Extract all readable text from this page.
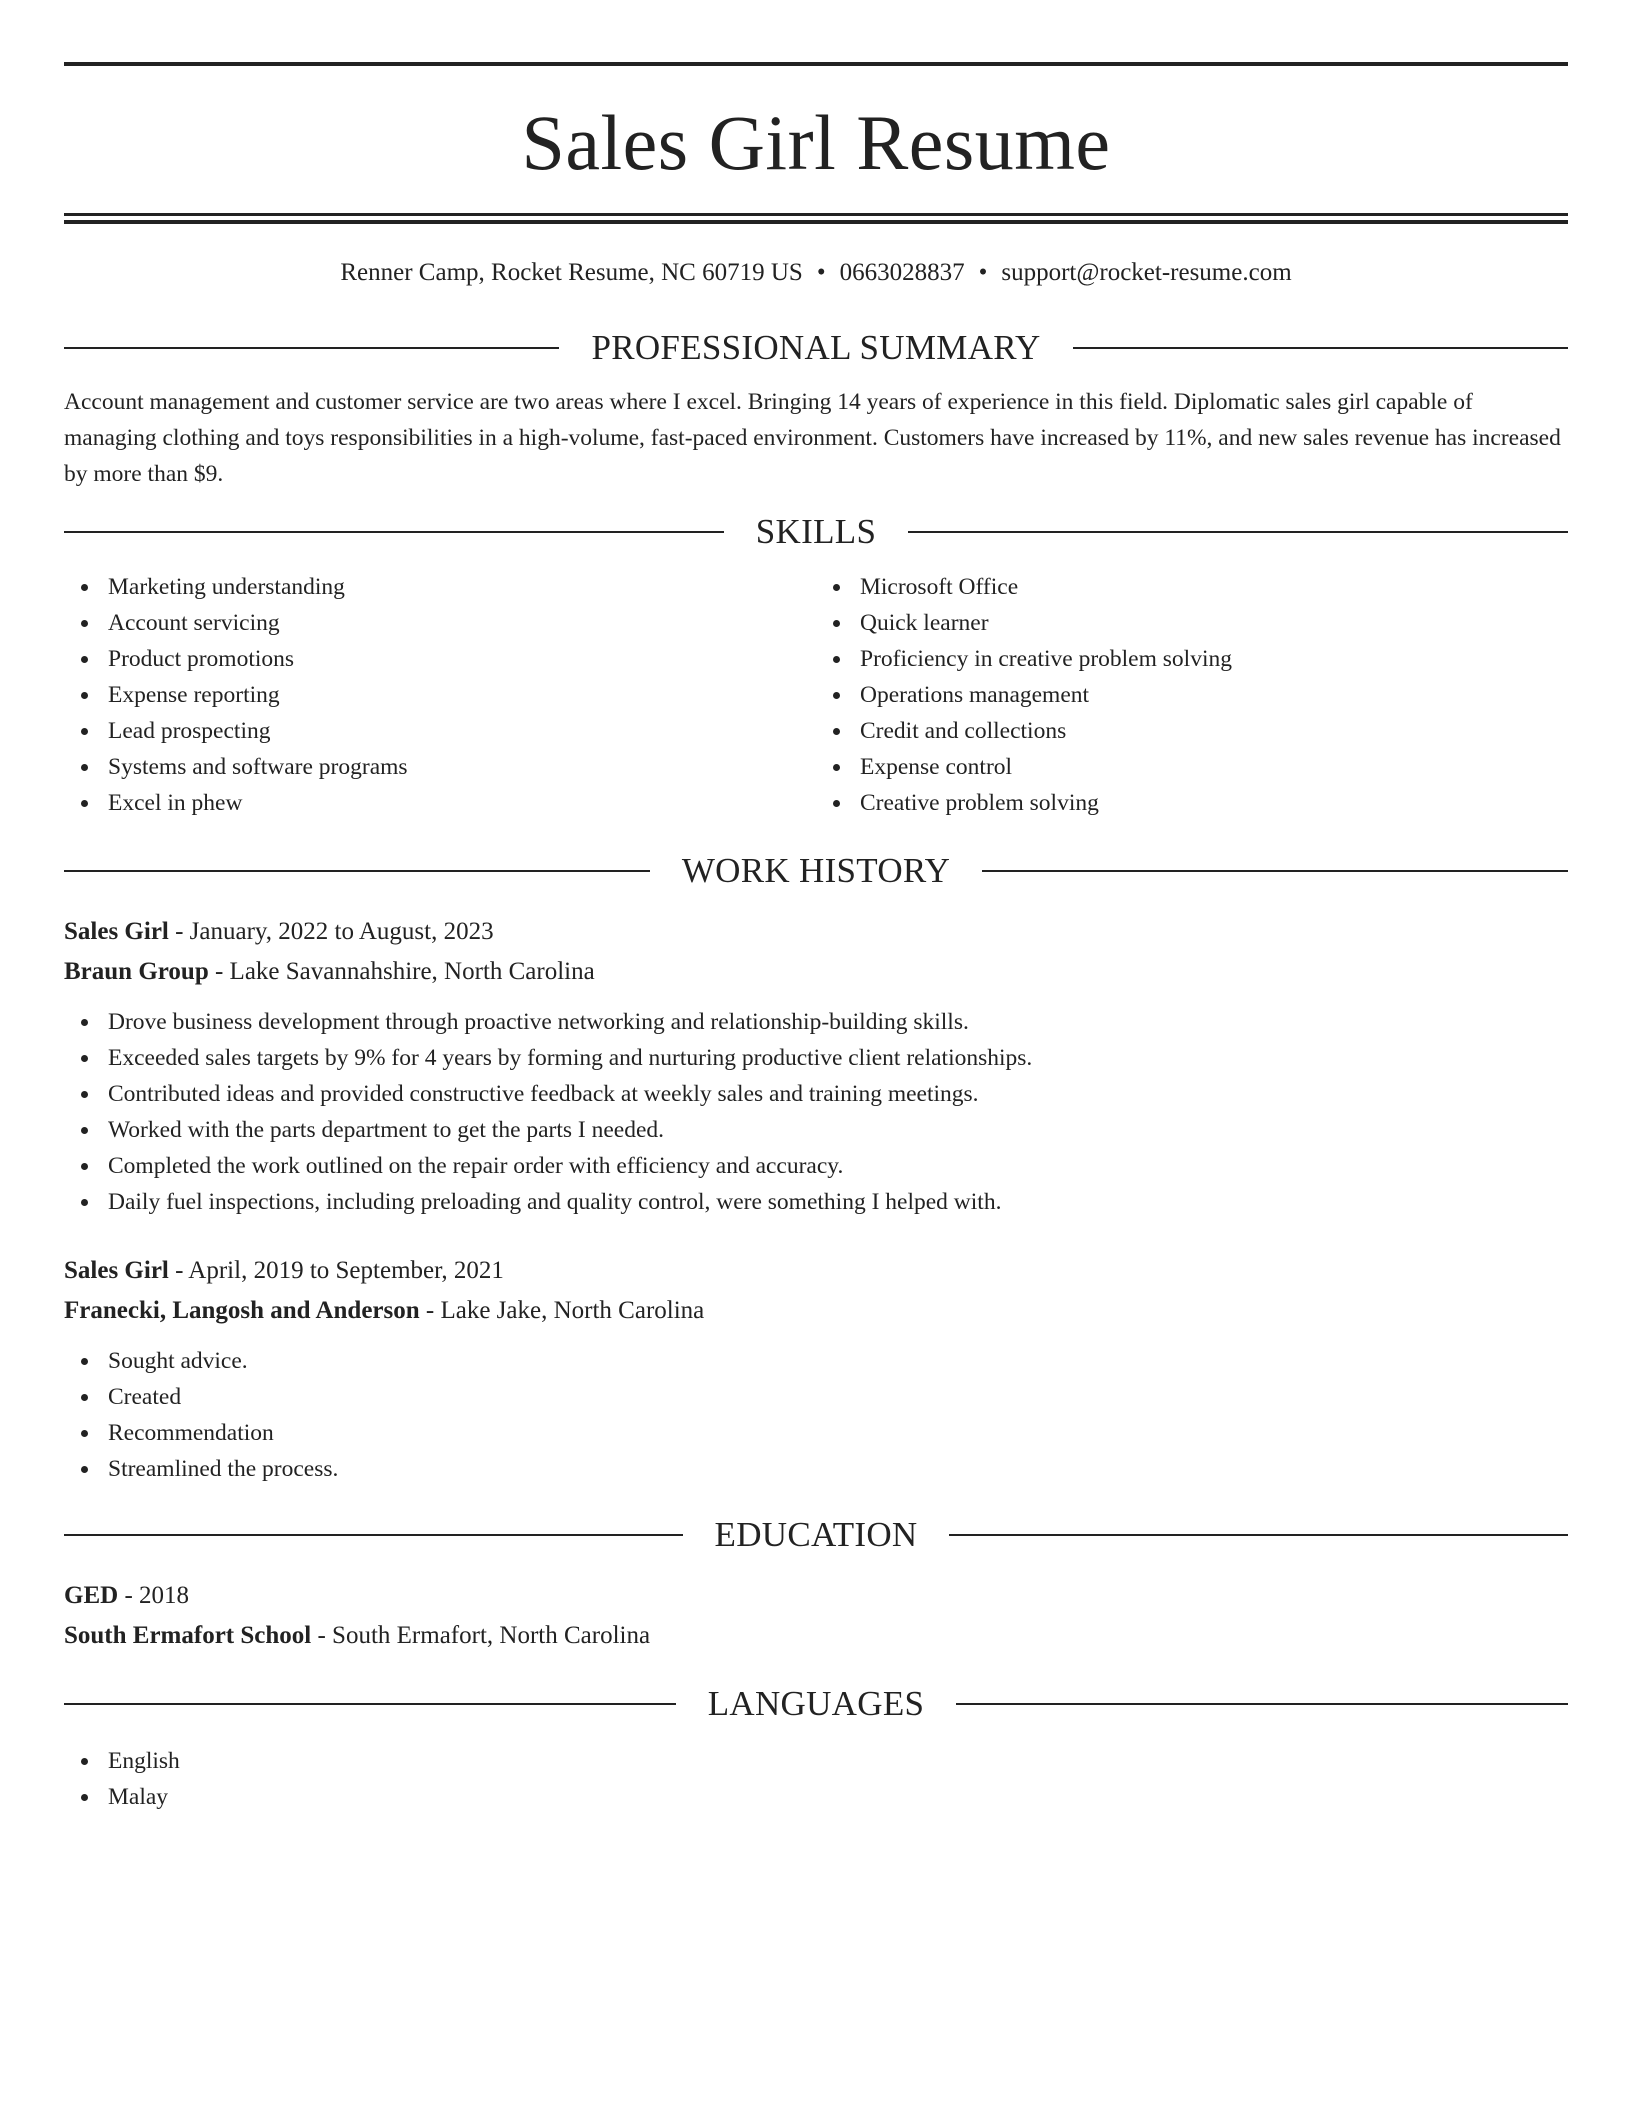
Sales Girl Resume
Renner Camp, Rocket Resume, NC 60719 US • 0663028837 • support@rocket-resume.com
PROFESSIONAL SUMMARY

Account management and customer service are two areas where I excel. Bringing 14 years of experience in this field. Diplomatic sales girl capable of managing clothing and toys responsibilities in a high-volume, fast-paced environment. Customers have increased by 11%, and new sales revenue has increased by more than $9.

SKILLS
Marketing understanding
Account servicing
Product promotions
Expense reporting
Lead prospecting
Systems and software programs
Excel in phew
Microsoft Office
Quick learner
Proficiency in creative problem solving
Operations management
Credit and collections
Expense control
Creative problem solving
WORK HISTORY
Sales Girl - January, 2022 to August, 2023
Braun Group - Lake Savannahshire, North Carolina
Drove business development through proactive networking and relationship-building skills.
Exceeded sales targets by 9% for 4 years by forming and nurturing productive client relationships.
Contributed ideas and provided constructive feedback at weekly sales and training meetings.
Worked with the parts department to get the parts I needed.
Completed the work outlined on the repair order with efficiency and accuracy.
Daily fuel inspections, including preloading and quality control, were something I helped with.
Sales Girl - April, 2019 to September, 2021
Franecki, Langosh and Anderson - Lake Jake, North Carolina
Sought advice.
Created
Recommendation
Streamlined the process.
EDUCATION
GED - 2018
South Ermafort School - South Ermafort, North Carolina
LANGUAGES
English
Malay
